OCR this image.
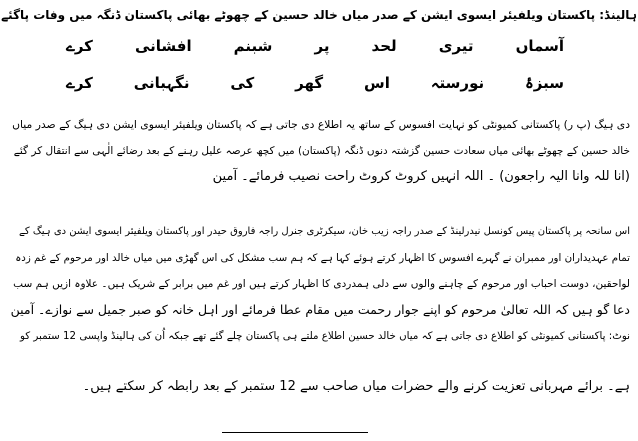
ہالینڈ: پاکستان ویلفیئر ایسوی ایشن کے صدر میاں خالد حسین کے چھوٹے بھائی پاکستان ڈنگہ میں وفات پاگئے
آسماں
تیری
لحد
پر
شبنم
افشانی
کرے
سبزۂ
نورستہ
اس
گھر
کی
نگہبانی
کرے
دی ہیگ (پ ر) پاکستانی کمیونٹی کو نہایت افسوس کے ساتھ یہ اطلاع دی جاتی ہے کہ پاکستان ویلفیئر ایسوی ایشن دی ہیگ کے صدر میاں
خالد حسین کے چھوٹے بھائی میاں سعادت حسین گزشتہ دنوں ڈنگہ (پاکستان) میں کچھ عرصہ علیل رہنے کے بعد رضائے الٰہی سے انتقال کر گئے
(انا للہ وانا الیہ راجعون) ۔ اللہ انہیں کروٹ کروٹ راحت نصیب فرمائے۔ آمین
اس سانحہ پر پاکستان پیس کونسل نیدرلینڈ کے صدر راجہ زیب خان، سیکرٹری جنرل راجہ فاروق حیدر اور پاکستان ویلفیئر ایسوی ایشن دی ہیگ کے
تمام عہدیداران اور ممبران نے گہرے افسوس کا اظہار کرتے ہوئے کہا ہے کہ ہم سب مشکل کی اس گھڑی میں میاں خالد اور مرحوم کے غم زدہ
لواحقین، دوست احباب اور مرحوم کے چاہنے والوں سے دلی ہمدردی کا اظہار کرتے ہیں اور غم میں برابر کے شریک ہیں۔ علاوہ ازیں ہم سب
دعا گو ہیں کہ اللہ تعالیٰ مرحوم کو اپنے جوار رحمت میں مقام عطا فرمائے اور اہل خانہ کو صبر جمیل سے نوازے۔ آمین
نوٹ: پاکستانی کمیونٹی کو اطلاع دی جاتی ہے کہ میاں خالد حسین اطلاع ملتے ہی پاکستان چلے گئے تھے جبکہ اُن کی ہالینڈ واپسی 12 ستمبر کو
ہے۔ برائے مہربانی تعزیت کرنے والے حضرات میاں صاحب سے 12 ستمبر کے بعد رابطہ کر سکتے ہیں۔
